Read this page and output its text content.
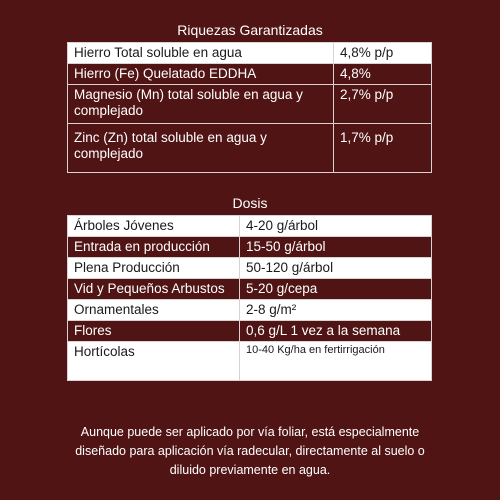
Riquezas Garantizadas
Hierro Total soluble en agua	4,8% p/p
Hierro (Fe) Quelatado EDDHA	4,8%
Magnesio (Mn) total soluble en agua y complejado	2,7% p/p
Zinc (Zn) total soluble en agua y complejado	1,7% p/p
Dosis
Árboles Jóvenes	4-20 g/árbol
Entrada en producción	15-50 g/árbol
Plena Producción	50-120 g/árbol
Vid y Pequeños Arbustos	5-20 g/cepa
Ornamentales	2-8 g/m²
Flores	0,6 g/L 1 vez a la semana
Hortícolas	10-40 Kg/ha en fertirrigación
Aunque puede ser aplicado por vía foliar, está especialmente diseñado para aplicación vía radecular, directamente al suelo o diluido previamente en agua.
